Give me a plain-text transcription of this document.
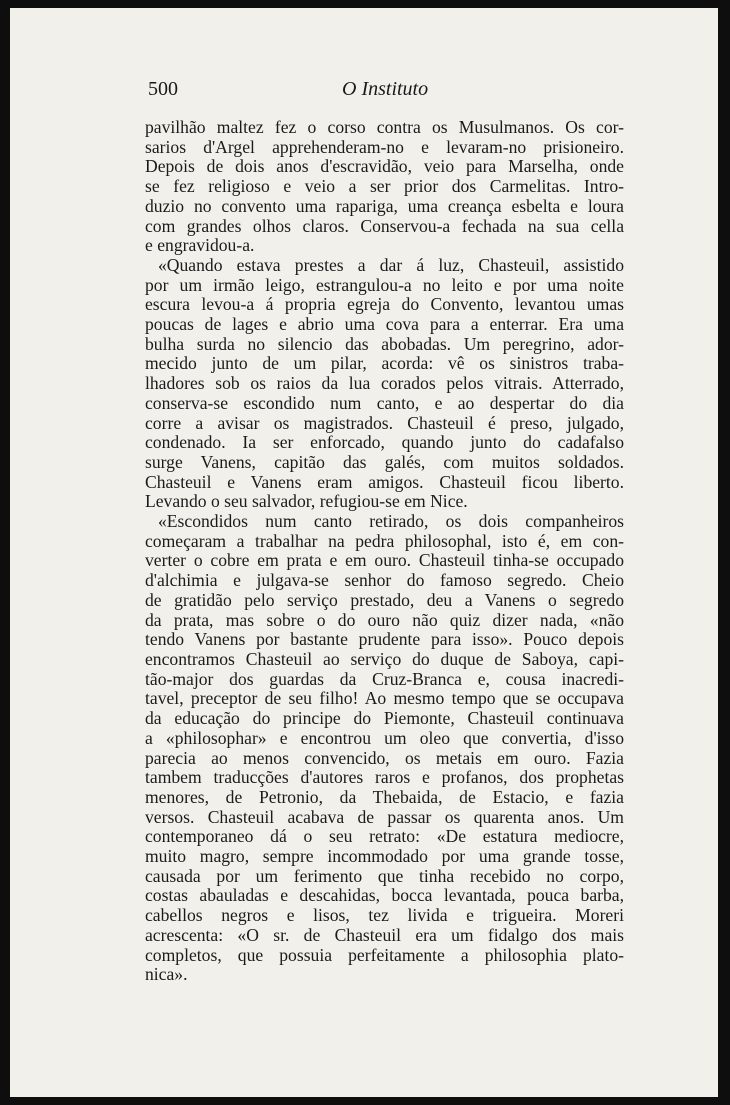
500	O Instituto
pavilhão maltez fez o corso contra os Musulmanos. Os cor-
sarios d'Argel apprehenderam-no e levaram-no prisioneiro.
Depois de dois anos d'escravidão, veio para Marselha, onde
se fez religioso e veio a ser prior dos Carmelitas. Intro-
duzio no convento uma rapariga, uma creança esbelta e loura
com grandes olhos claros. Conservou-a fechada na sua cella
e engravidou-a.
«Quando estava prestes a dar á luz, Chasteuil, assistido
por um irmão leigo, estrangulou-a no leito e por uma noite
escura levou-a á propria egreja do Convento, levantou umas
poucas de lages e abrio uma cova para a enterrar. Era uma
bulha surda no silencio das abobadas. Um peregrino, ador-
mecido junto de um pilar, acorda: vê os sinistros traba-
lhadores sob os raios da lua corados pelos vitrais. Atterrado,
conserva-se escondido num canto, e ao despertar do dia
corre a avisar os magistrados. Chasteuil é preso, julgado,
condenado. Ia ser enforcado, quando junto do cadafalso
surge Vanens, capitão das galés, com muitos soldados.
Chasteuil e Vanens eram amigos. Chasteuil ficou liberto.
Levando o seu salvador, refugiou-se em Nice.
«Escondidos num canto retirado, os dois companheiros
começaram a trabalhar na pedra philosophal, isto é, em con-
verter o cobre em prata e em ouro. Chasteuil tinha-se occupado
d'alchimia e julgava-se senhor do famoso segredo. Cheio
de gratidão pelo serviço prestado, deu a Vanens o segredo
da prata, mas sobre o do ouro não quiz dizer nada, «não
tendo Vanens por bastante prudente para isso». Pouco depois
encontramos Chasteuil ao serviço do duque de Saboya, capi-
tão-major dos guardas da Cruz-Branca e, cousa inacredi-
tavel, preceptor de seu filho! Ao mesmo tempo que se occupava
da educação do principe do Piemonte, Chasteuil continuava
a «philosophar» e encontrou um oleo que convertia, d'isso
parecia ao menos convencido, os metais em ouro. Fazia
tambem traducções d'autores raros e profanos, dos prophetas
menores, de Petronio, da Thebaida, de Estacio, e fazia
versos. Chasteuil acabava de passar os quarenta anos. Um
contemporaneo dá o seu retrato: «De estatura mediocre,
muito magro, sempre incommodado por uma grande tosse,
causada por um ferimento que tinha recebido no corpo,
costas abauladas e descahidas, bocca levantada, pouca barba,
cabellos negros e lisos, tez livida e trigueira. Moreri
acrescenta: «O sr. de Chasteuil era um fidalgo dos mais
completos, que possuia perfeitamente a philosophia plato-
nica».
